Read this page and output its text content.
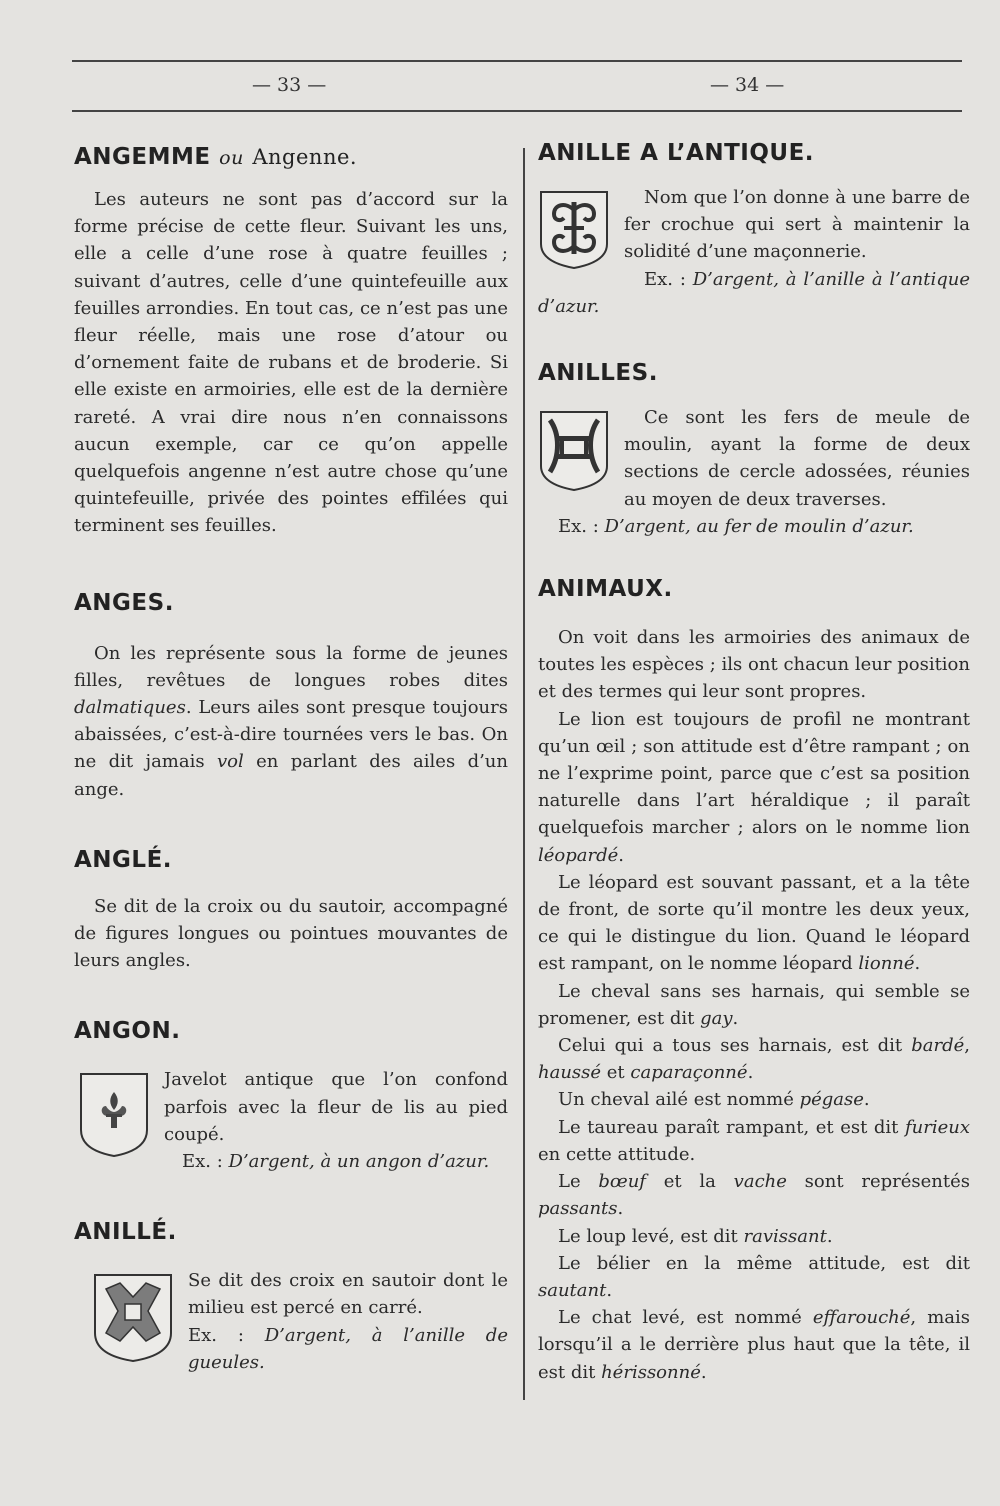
— 33 —	— 34 —
ANGEMME ou Angenne.

Les auteurs ne sont pas d’accord sur la forme précise de cette fleur. Suivant les uns, elle a celle d’une rose à quatre feuilles ; suivant d’autres, celle d’une quintefeuille aux feuilles arrondies. En tout cas, ce n’est pas une fleur réelle, mais une rose d’atour ou d’ornement faite de rubans et de broderie. Si elle existe en armoiries, elle est de la dernière rareté. A vrai dire nous n’en connaissons aucun exemple, car ce qu’on appelle quelquefois angenne n’est autre chose qu’une quintefeuille, privée des pointes effilées qui terminent ses feuilles.

ANGES.

On les représente sous la forme de jeunes filles, revêtues de longues robes dites dalmatiques. Leurs ailes sont presque toujours abaissées, c’est-à-dire tournées vers le bas. On ne dit jamais vol en parlant des ailes d’un ange.

ANGLÉ.

Se dit de la croix ou du sautoir, accompagné de figures longues ou pointues mouvantes de leurs angles.

ANGON.

Javelot antique que l’on confond parfois avec la fleur de lis au pied coupé.

Ex. : D’argent, à un angon d’azur.

ANILLÉ.

Se dit des croix en sautoir dont le milieu est percé en carré.

Ex. : D’argent, à l’anille de gueules.

ANILLE A L’ANTIQUE.

Nom que l’on donne à une barre de fer crochue qui sert à maintenir la solidité d’une maçonnerie.

Ex. : D’argent, à l’anille à l’antique d’azur.

ANILLES.

Ce sont les fers de meule de moulin, ayant la forme de deux sections de cercle adossées, réunies au moyen de deux traverses.

Ex. : D’argent, au fer de moulin d’azur.

ANIMAUX.

On voit dans les armoiries des animaux de toutes les espèces ; ils ont chacun leur position et des termes qui leur sont propres.

Le lion est toujours de profil ne montrant qu’un œil ; son attitude est d’être rampant ; on ne l’exprime point, parce que c’est sa position naturelle dans l’art héraldique ; il paraît quelquefois marcher ; alors on le nomme lion léopardé.

Le léopard est souvant passant, et a la tête de front, de sorte qu’il montre les deux yeux, ce qui le distingue du lion. Quand le léopard est rampant, on le nomme léopard lionné.

Le cheval sans ses harnais, qui semble se promener, est dit gay.

Celui qui a tous ses harnais, est dit bardé, haussé et caparaçonné.

Un cheval ailé est nommé pégase.

Le taureau paraît rampant, et est dit furieux en cette attitude.

Le bœuf et la vache sont représentés passants.

Le loup levé, est dit ravissant.

Le bélier en la même attitude, est dit sautant.

Le chat levé, est nommé effarouché, mais lorsqu’il a le derrière plus haut que la tête, il est dit hérissonné.
